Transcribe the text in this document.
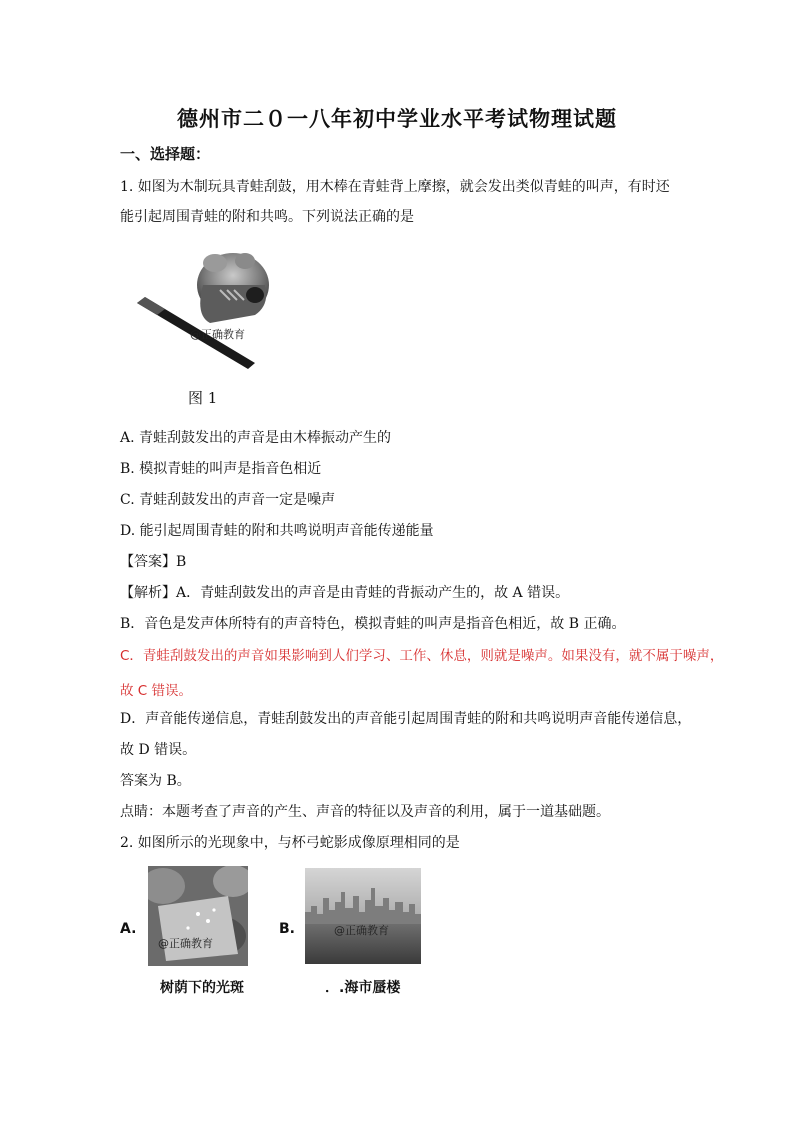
德州市二０一八年初中学业水平考试物理试题
一、选择题：
1. 如图为木制玩具青蛙刮鼓，用木棒在青蛙背上摩擦，就会发出类似青蛙的叫声，有时还
能引起周围青蛙的附和共鸣。下列说法正确的是
@正确教育
图 1
A. 青蛙刮鼓发出的声音是由木棒振动产生的
B. 模拟青蛙的叫声是指音色相近
C. 青蛙刮鼓发出的声音一定是噪声
D. 能引起周围青蛙的附和共鸣说明声音能传递能量
【答案】B
【解析】A．青蛙刮鼓发出的声音是由青蛙的背振动产生的，故 A 错误。
B．音色是发声体所特有的声音特色，模拟青蛙的叫声是指音色相近，故 B 正确。
C．青蛙刮鼓发出的声音如果影响到人们学习、工作、休息，则就是噪声。如果没有，就不属于噪声，
故 C 错误。
D．声音能传递信息，青蛙刮鼓发出的声音能引起周围青蛙的附和共鸣说明声音能传递信息，
故 D 错误。
答案为 B。
点睛：本题考查了声音的产生、声音的特征以及声音的利用，属于一道基础题。
2. 如图所示的光现象中，与杯弓蛇影成像原理相同的是
A.
@正确教育
树荫下的光斑
B.	@正确教育
．.海市蜃楼
